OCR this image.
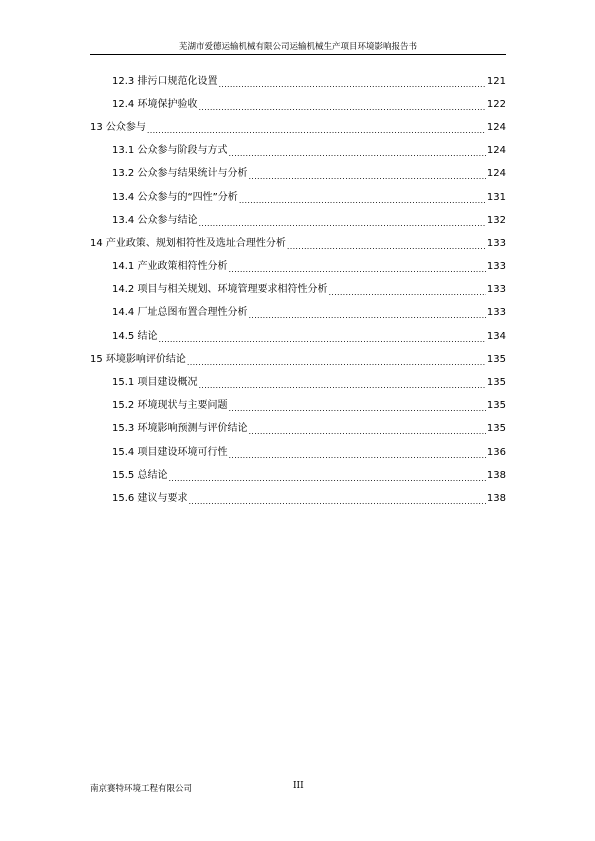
芜湖市爱德运输机械有限公司运输机械生产项目环境影响报告书
12.3 排污口规范化设置 .....	121
12.4 环境保护验收 .....	122
13 公众参与 .....	124
13.1 公众参与阶段与方式 .....	124
13.2 公众参与结果统计与分析 .....	124
13.4 公众参与的“四性”分析 .....	131
13.4 公众参与结论 .....	132
14 产业政策、规划相符性及选址合理性分析 .....	133
14.1 产业政策相符性分析 .....	133
14.2 项目与相关规划、环境管理要求相符性分析 .....	133
14.4 厂址总图布置合理性分析 .....	133
14.5 结论 .....	134
15 环境影响评价结论 .....	135
15.1 项目建设概况 .....	135
15.2 环境现状与主要问题 .....	135
15.3 环境影响预测与评价结论 .....	135
15.4 项目建设环境可行性 .....	136
15.5 总结论 .....	138
15.6 建议与要求 .....	138
南京赛特环境工程有限公司	III
